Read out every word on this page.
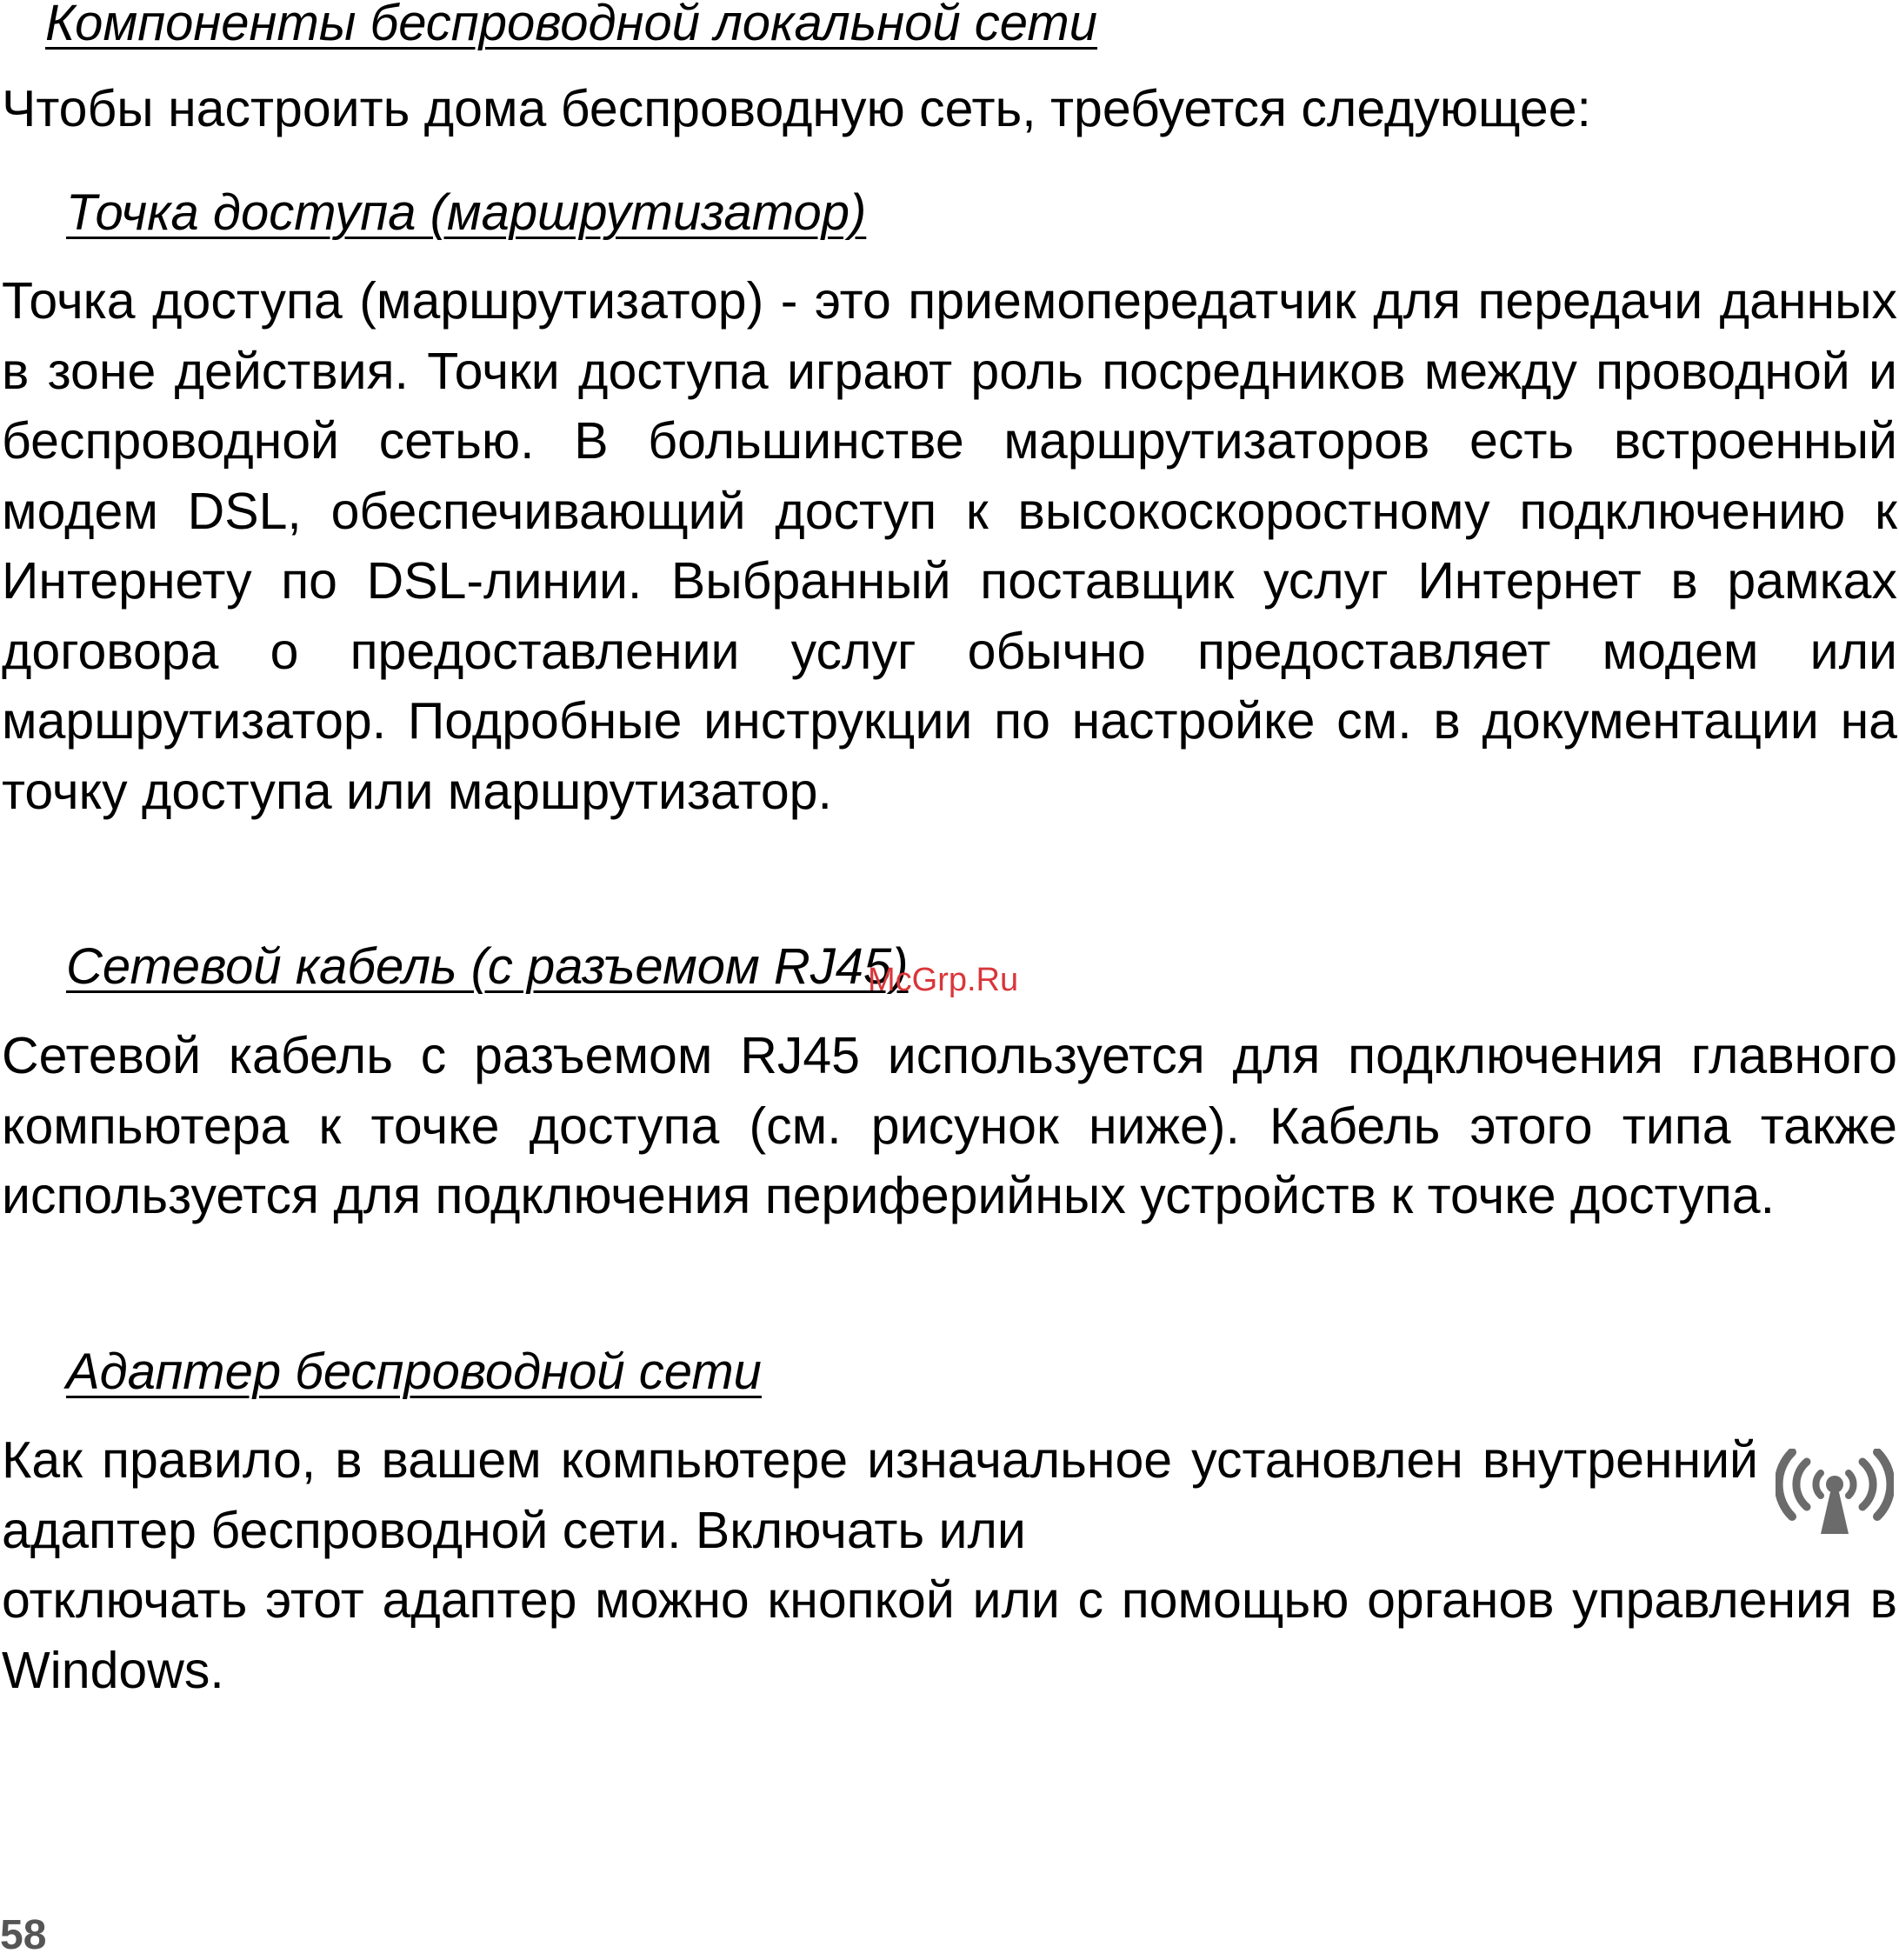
Компоненты беспроводной локальной сети

Чтобы настроить дома беспроводную сеть, требуется следующее:

Точка доступа (маршрутизатор)

Точка доступа (маршрутизатор) - это приемопередатчик для передачи данных в зоне действия. Точки доступа играют роль посредников между проводной и беспроводной сетью. В большинстве маршрутизаторов есть встроенный модем DSL, обеспечивающий доступ к высокоскоростному подключению к Интернету по DSL-линии. Выбранный поставщик услуг Интернет в рамках договора о предоставлении услуг обычно предоставляет модем или маршрутизатор. Подробные инструкции по настройке см. в документации на точку доступа или маршрутизатор.

Сетевой кабель (с разъемом RJ45)
McGrp.Ru

Сетевой кабель с разъемом RJ45 используется для подключения главного компьютера к точке доступа (см. рисунок ниже). Кабель этого типа также используется для подключения периферийных устройств к точке доступа.

Адаптер беспроводной сети

Как правило, в вашем компьютере изначальное установлен внутренний адаптер беспроводной сети. Включать или

отключать этот адаптер можно кнопкой или с помощью органов управления в Windows.

58
